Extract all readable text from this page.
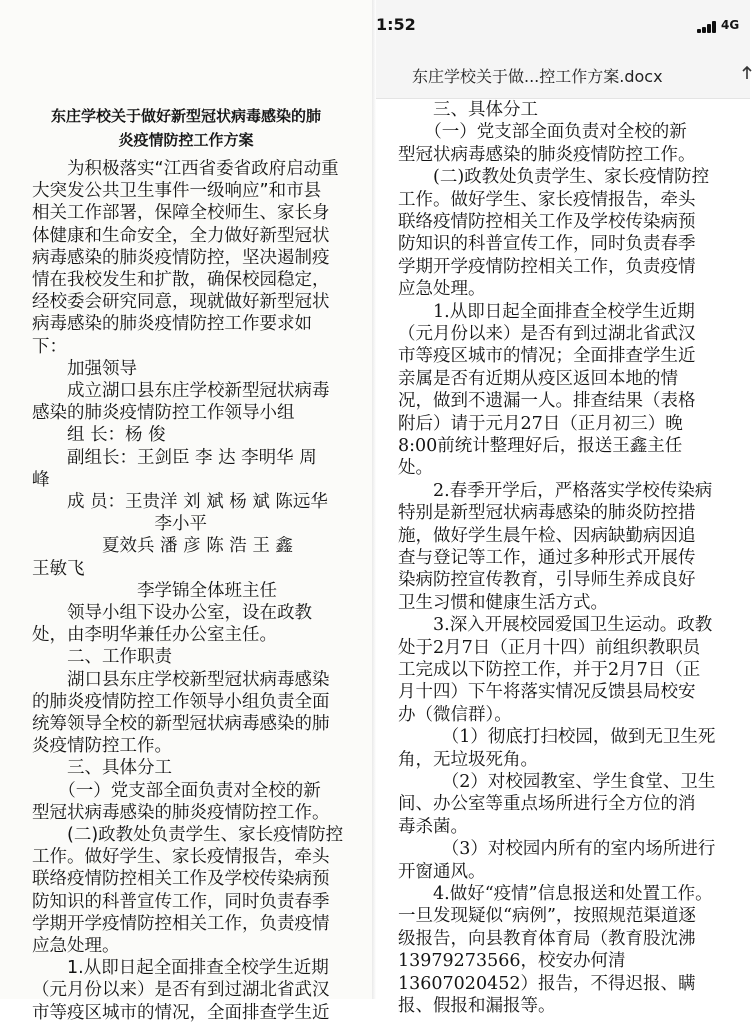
东庄学校关于做好新型冠状病毒感染的肺
炎疫情防控工作方案
　　为积极落实“江西省委省政府启动重
大突发公共卫生事件一级响应”和市县
相关工作部署，保障全校师生、家长身
体健康和生命安全，全力做好新型冠状
病毒感染的肺炎疫情防控，坚决遏制疫
情在我校发生和扩散，确保校园稳定，
经校委会研究同意，现就做好新型冠状
病毒感染的肺炎疫情防控工作要求如
下：
　　加强领导
　　成立湖口县东庄学校新型冠状病毒
感染的肺炎疫情防控工作领导小组
　　组 长：杨 俊
　　副组长：王剑臣 李 达 李明华 周
峰
　　成 员：王贵洋 刘 斌 杨 斌 陈远华
　　　　　　　李小平
　　　　夏效兵 潘 彦 陈 浩 王 鑫
王敏飞
　　　　　　李学锦全体班主任
　　领导小组下设办公室，设在政教
处，由李明华兼任办公室主任。
　　二、工作职责
　　湖口县东庄学校新型冠状病毒感染
的肺炎疫情防控工作领导小组负责全面
统筹领导全校的新型冠状病毒感染的肺
炎疫情防控工作。
　　三、具体分工
　　（一）党支部全面负责对全校的新
型冠状病毒感染的肺炎疫情防控工作。
　　(二)政教处负责学生、家长疫情防控
工作。做好学生、家长疫情报告，牵头
联络疫情防控相关工作及学校传染病预
防知识的科普宣传工作，同时负责春季
学期开学疫情防控相关工作，负责疫情
应急处理。
　　1.从即日起全面排查全校学生近期
（元月份以来）是否有到过湖北省武汉
市等疫区城市的情况，全面排查学生近
1:52	4G
东庄学校关于做...控工作方案.docx
　　三、具体分工
　　（一）党支部全面负责对全校的新
型冠状病毒感染的肺炎疫情防控工作。
　　(二)政教处负责学生、家长疫情防控
工作。做好学生、家长疫情报告，牵头
联络疫情防控相关工作及学校传染病预
防知识的科普宣传工作，同时负责春季
学期开学疫情防控相关工作，负责疫情
应急处理。
　　1.从即日起全面排查全校学生近期
（元月份以来）是否有到过湖北省武汉
市等疫区城市的情况；全面排查学生近
亲属是否有近期从疫区返回本地的情
况，做到不遗漏一人。排查结果（表格
附后）请于元月27日（正月初三）晚
8:00前统计整理好后，报送王鑫主任
处。
　　2.春季开学后，严格落实学校传染病
特别是新型冠状病毒感染的肺炎防控措
施，做好学生晨午检、因病缺勤病因追
查与登记等工作，通过多种形式开展传
染病防控宣传教育，引导师生养成良好
卫生习惯和健康生活方式。
　　3.深入开展校园爱国卫生运动。政教
处于2月7日（正月十四）前组织教职员
工完成以下防控工作，并于2月7日（正
月十四）下午将落实情况反馈县局校安
办（微信群）。
　　　（1）彻底打扫校园，做到无卫生死
角，无垃圾死角。
　　　（2）对校园教室、学生食堂、卫生
间、办公室等重点场所进行全方位的消
毒杀菌。
　　　（3）对校园内所有的室内场所进行
开窗通风。
　　4.做好“疫情”信息报送和处置工作。
一旦发现疑似“病例”，按照规范渠道逐
级报告，向县教育体育局（教育股沈沸
13979273566，校安办何清
13607020452）报告，不得迟报、瞒
报、假报和漏报等。
